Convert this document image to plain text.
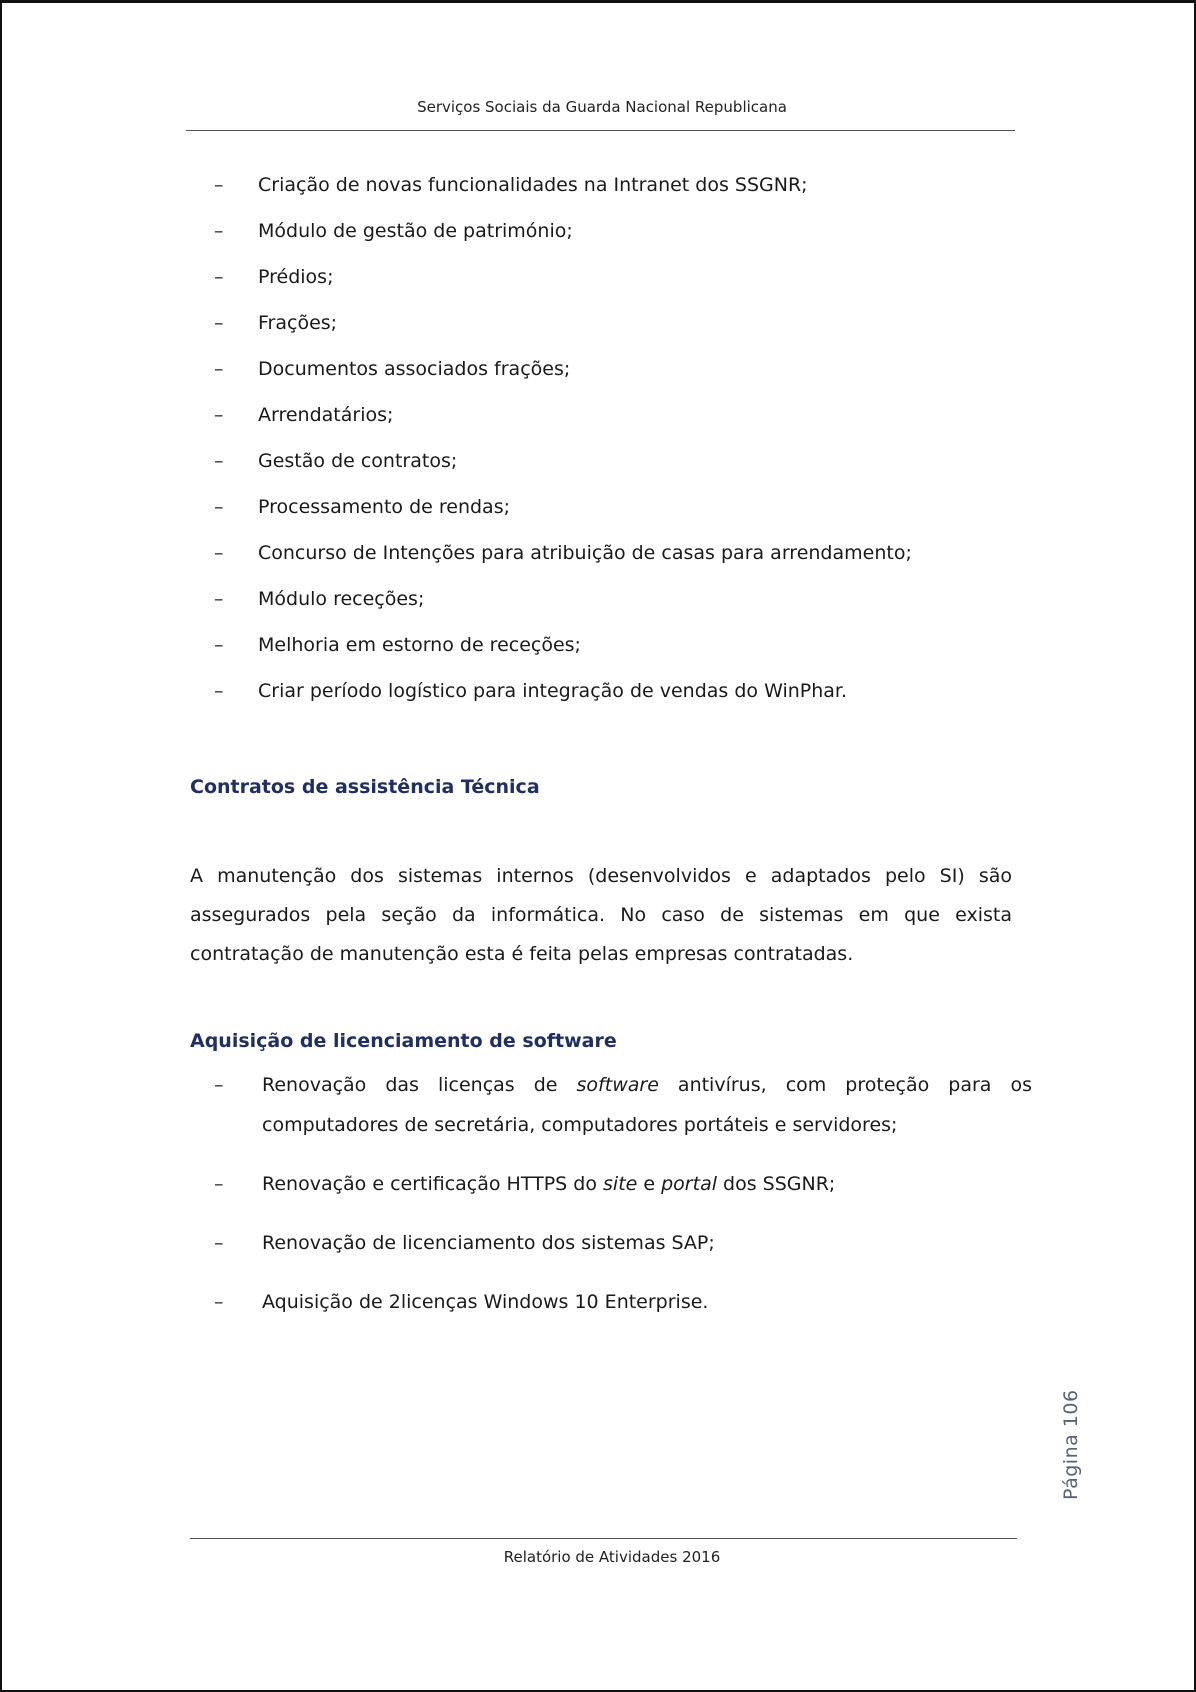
Serviços Sociais da Guarda Nacional Republicana
– Criação de novas funcionalidades na Intranet dos SSGNR;
– Módulo de gestão de património;
– Prédios;
– Frações;
– Documentos associados frações;
– Arrendatários;
– Gestão de contratos;
– Processamento de rendas;
– Concurso de Intenções para atribuição de casas para arrendamento;
– Módulo receções;
– Melhoria em estorno de receções;
– Criar período logístico para integração de vendas do WinPhar.
Contratos de assistência Técnica

A manutenção dos sistemas internos (desenvolvidos e adaptados pelo SI) são assegurados pela seção da informática. No caso de sistemas em que exista contratação de manutenção esta é feita pelas empresas contratadas.

Aquisição de licenciamento de software
– Renovação das licenças de software antivírus, com proteção para os computadores de secretária, computadores portáteis e servidores;
– Renovação e certificação HTTPS do site e portal dos SSGNR;
– Renovação de licenciamento dos sistemas SAP;
– Aquisição de 2licenças Windows 10 Enterprise.
Página 106
Relatório de Atividades 2016
